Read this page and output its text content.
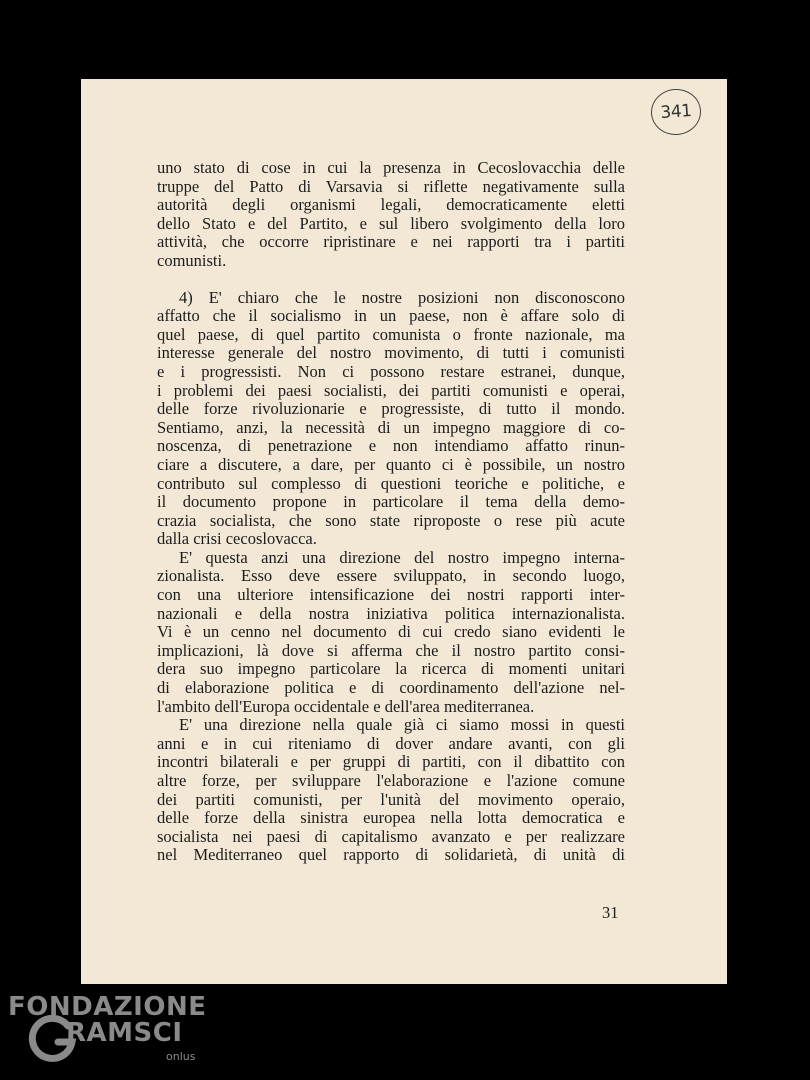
341

uno stato di cose in cui la presenza in Cecoslovacchia delle

truppe del Patto di Varsavia si riflette negativamente sulla

autorità degli organismi legali, democraticamente eletti

dello Stato e del Partito, e sul libero svolgimento della loro

attività, che occorre ripristinare e nei rapporti tra i partiti

comunisti.

4) E' chiaro che le nostre posizioni non disconoscono

affatto che il socialismo in un paese, non è affare solo di

quel paese, di quel partito comunista o fronte nazionale, ma

interesse generale del nostro movimento, di tutti i comunisti

e i progressisti. Non ci possono restare estranei, dunque,

i problemi dei paesi socialisti, dei partiti comunisti e operai,

delle forze rivoluzionarie e progressiste, di tutto il mondo.

Sentiamo, anzi, la necessità di un impegno maggiore di co-

noscenza, di penetrazione e non intendiamo affatto rinun-

ciare a discutere, a dare, per quanto ci è possibile, un nostro

contributo sul complesso di questioni teoriche e politiche, e

il documento propone in particolare il tema della demo-

crazia socialista, che sono state riproposte o rese più acute

dalla crisi cecoslovacca.

E' questa anzi una direzione del nostro impegno interna-

zionalista. Esso deve essere sviluppato, in secondo luogo,

con una ulteriore intensificazione dei nostri rapporti inter-

nazionali e della nostra iniziativa politica internazionalista.

Vi è un cenno nel documento di cui credo siano evidenti le

implicazioni, là dove si afferma che il nostro partito consi-

dera suo impegno particolare la ricerca di momenti unitari

di elaborazione politica e di coordinamento dell'azione nel-

l'ambito dell'Europa occidentale e dell'area mediterranea.

E' una direzione nella quale già ci siamo mossi in questi

anni e in cui riteniamo di dover andare avanti, con gli

incontri bilaterali e per gruppi di partiti, con il dibattito con

altre forze, per sviluppare l'elaborazione e l'azione comune

dei partiti comunisti, per l'unità del movimento operaio,

delle forze della sinistra europea nella lotta democratica e

socialista nei paesi di capitalismo avanzato e per realizzare

nel Mediterraneo quel rapporto di solidarietà, di unità di

31
FONDAZIONE
RAMSCI
onlus
